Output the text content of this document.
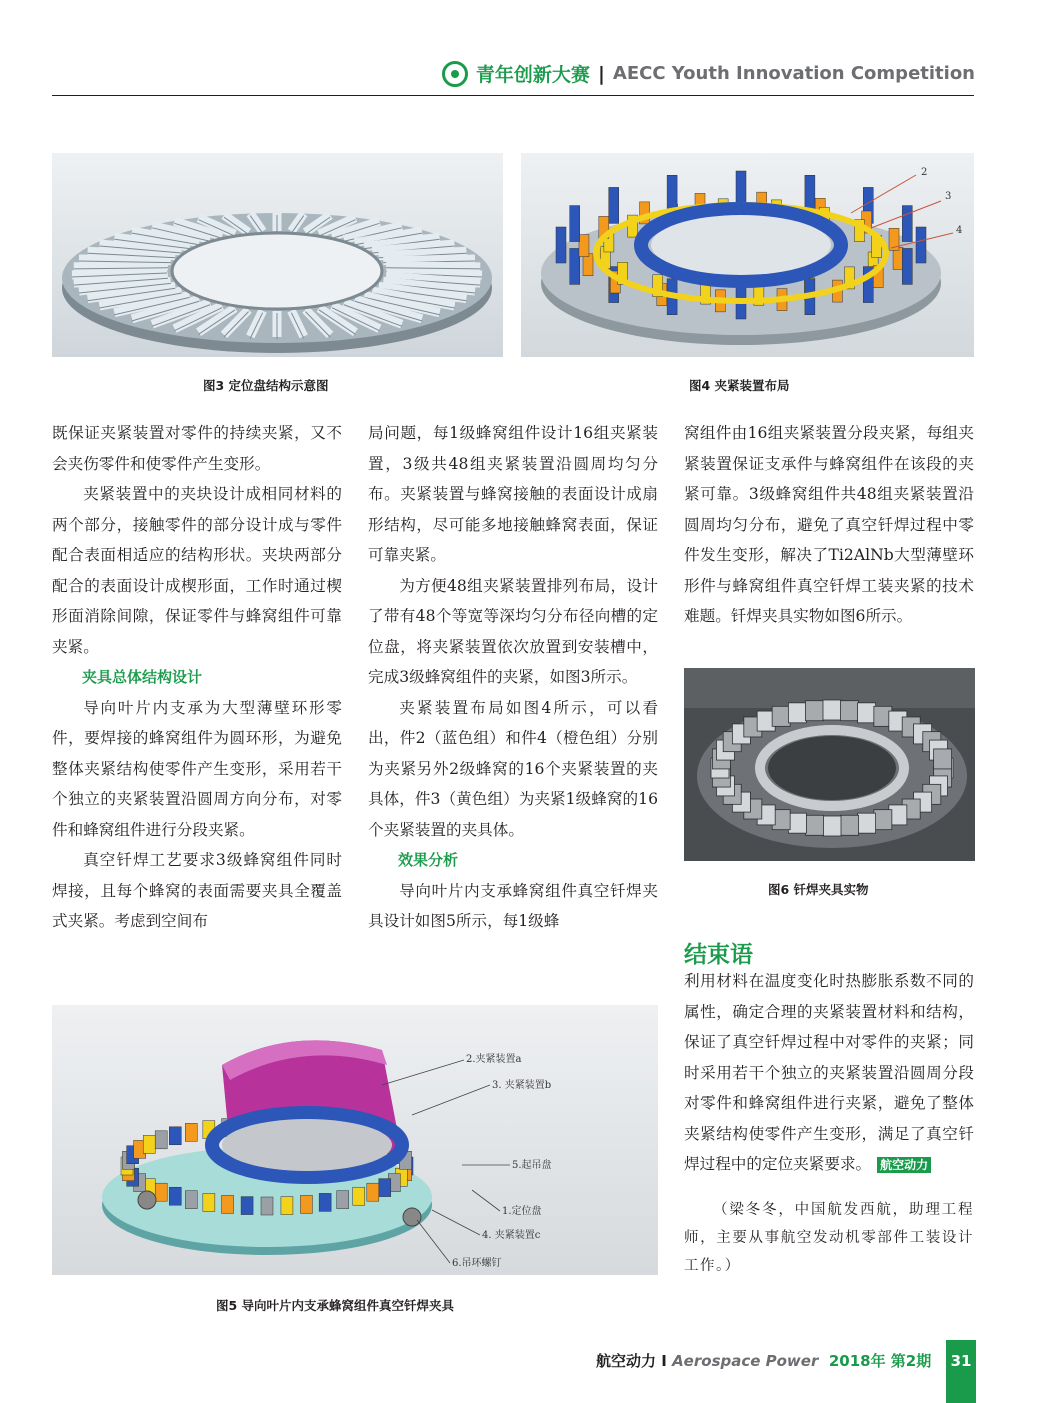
青年创新大赛 | AECC Youth Innovation Competition
图3 定位盘结构示意图
2
3
4
图4 夹紧装置布局

既保证夹紧装置对零件的持续夹紧，又不会夹伤零件和使零件产生变形。

夹紧装置中的夹块设计成相同材料的两个部分，接触零件的部分设计成与零件配合表面相适应的结构形状。夹块两部分配合的表面设计成楔形面，工作时通过楔形面消除间隙，保证零件与蜂窝组件可靠夹紧。

夹具总体结构设计

导向叶片内支承为大型薄壁环形零件，要焊接的蜂窝组件为圆环形，为避免整体夹紧结构使零件产生变形，采用若干个独立的夹紧装置沿圆周方向分布，对零件和蜂窝组件进行分段夹紧。

真空钎焊工艺要求3级蜂窝组件同时焊接，且每个蜂窝的表面需要夹具全覆盖式夹紧。考虑到空间布

局问题，每1级蜂窝组件设计16组夹紧装置，3级共48组夹紧装置沿圆周均匀分布。夹紧装置与蜂窝接触的表面设计成扇形结构，尽可能多地接触蜂窝表面，保证可靠夹紧。

为方便48组夹紧装置排列布局，设计了带有48个等宽等深均匀分布径向槽的定位盘，将夹紧装置依次放置到安装槽中，完成3级蜂窝组件的夹紧，如图3所示。

夹紧装置布局如图4所示，可以看出，件2（蓝色组）和件4（橙色组）分别为夹紧另外2级蜂窝的16个夹紧装置的夹具体，件3（黄色组）为夹紧1级蜂窝的16个夹紧装置的夹具体。

效果分析

导向叶片内支承蜂窝组件真空钎焊夹具设计如图5所示，每1级蜂

窝组件由16组夹紧装置分段夹紧，每组夹紧装置保证支承件与蜂窝组件在该段的夹紧可靠。3级蜂窝组件共48组夹紧装置沿圆周均匀分布，避免了真空钎焊过程中零件发生变形，解决了Ti2AlNb大型薄壁环形件与蜂窝组件真空钎焊工装夹紧的技术难题。钎焊夹具实物如图6所示。

图6 钎焊夹具实物
结束语

利用材料在温度变化时热膨胀系数不同的属性，确定合理的夹紧装置材料和结构，保证了真空钎焊过程中对零件的夹紧；同时采用若干个独立的夹紧装置沿圆周分段对零件和蜂窝组件进行夹紧，避免了整体夹紧结构使零件产生变形，满足了真空钎焊过程中的定位夹紧要求。 航空动力

（梁冬冬，中国航发西航，助理工程师，主要从事航空发动机零部件工装设计工作。）

2.夹紧装置a
3. 夹紧装置b
5.起吊盘
1.定位盘
4. 夹紧装置c
6.吊环螺钉
图5 导向叶片内支承蜂窝组件真空钎焊夹具
航空动力 I Aerospace Power 2018年 第2期	31
